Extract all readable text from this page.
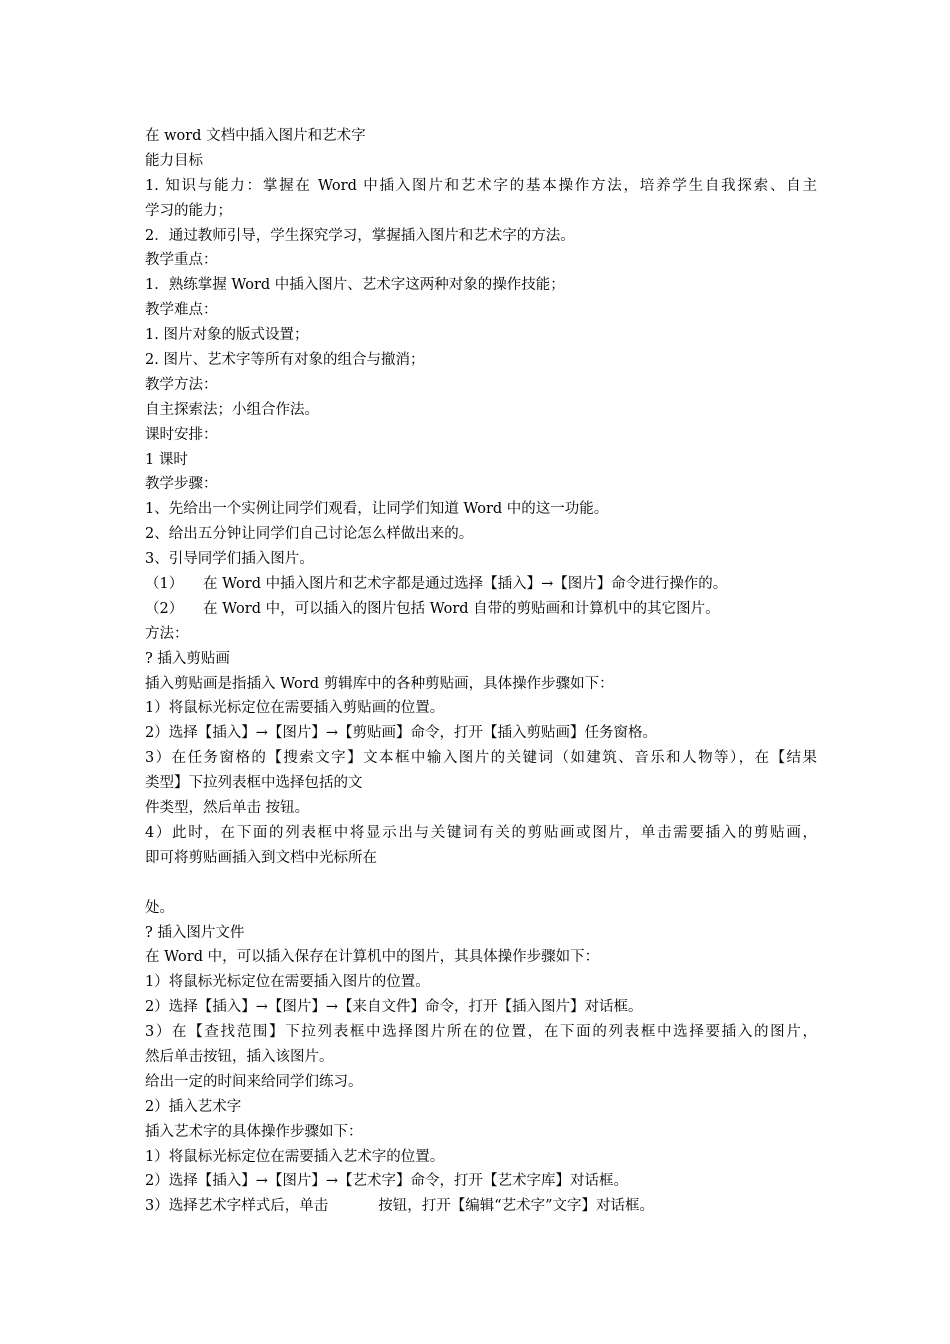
在 word 文档中插入图片和艺术字
能力目标
1. 知识与能力：掌握在 Word 中插入图片和艺术字的基本操作方法，培养学生自我探索、自主
学习的能力；
2．通过教师引导，学生探究学习，掌握插入图片和艺术字的方法。
教学重点：
1．熟练掌握 Word 中插入图片、艺术字这两种对象的操作技能；
教学难点：
1. 图片对象的版式设置；
2. 图片、艺术字等所有对象的组合与撤消；
教学方法：
自主探索法；小组合作法。
课时安排：
1 课时
教学步骤：
1、先给出一个实例让同学们观看，让同学们知道 Word 中的这一功能。
2、给出五分钟让同学们自己讨论怎么样做出来的。
3、引导同学们插入图片。
（1） 在 Word 中插入图片和艺术字都是通过选择【插入】→【图片】命令进行操作的。
（2） 在 Word 中，可以插入的图片包括 Word 自带的剪贴画和计算机中的其它图片。
方法：
? 插入剪贴画
插入剪贴画是指插入 Word 剪辑库中的各种剪贴画，具体操作步骤如下：
1）将鼠标光标定位在需要插入剪贴画的位置。
2）选择【插入】→【图片】→【剪贴画】命令，打开【插入剪贴画】任务窗格。
3）在任务窗格的【搜索文字】文本框中输入图片的关键词（如建筑、音乐和人物等），在【结果
类型】下拉列表框中选择包括的文
件类型，然后单击 按钮。
4）此时，在下面的列表框中将显示出与关键词有关的剪贴画或图片，单击需要插入的剪贴画，
即可将剪贴画插入到文档中光标所在
处。
? 插入图片文件
在 Word 中，可以插入保存在计算机中的图片，其具体操作步骤如下：
1）将鼠标光标定位在需要插入图片的位置。
2）选择【插入】→【图片】→【来自文件】命令，打开【插入图片】对话框。
3）在【查找范围】下拉列表框中选择图片所在的位置，在下面的列表框中选择要插入的图片，
然后单击按钮，插入该图片。
给出一定的时间来给同学们练习。
2）插入艺术字
插入艺术字的具体操作步骤如下：
1）将鼠标光标定位在需要插入艺术字的位置。
2）选择【插入】→【图片】→【艺术字】命令，打开【艺术字库】对话框。
3）选择艺术字样式后，单击	按钮，打开【编辑“艺术字”文字】对话框。
